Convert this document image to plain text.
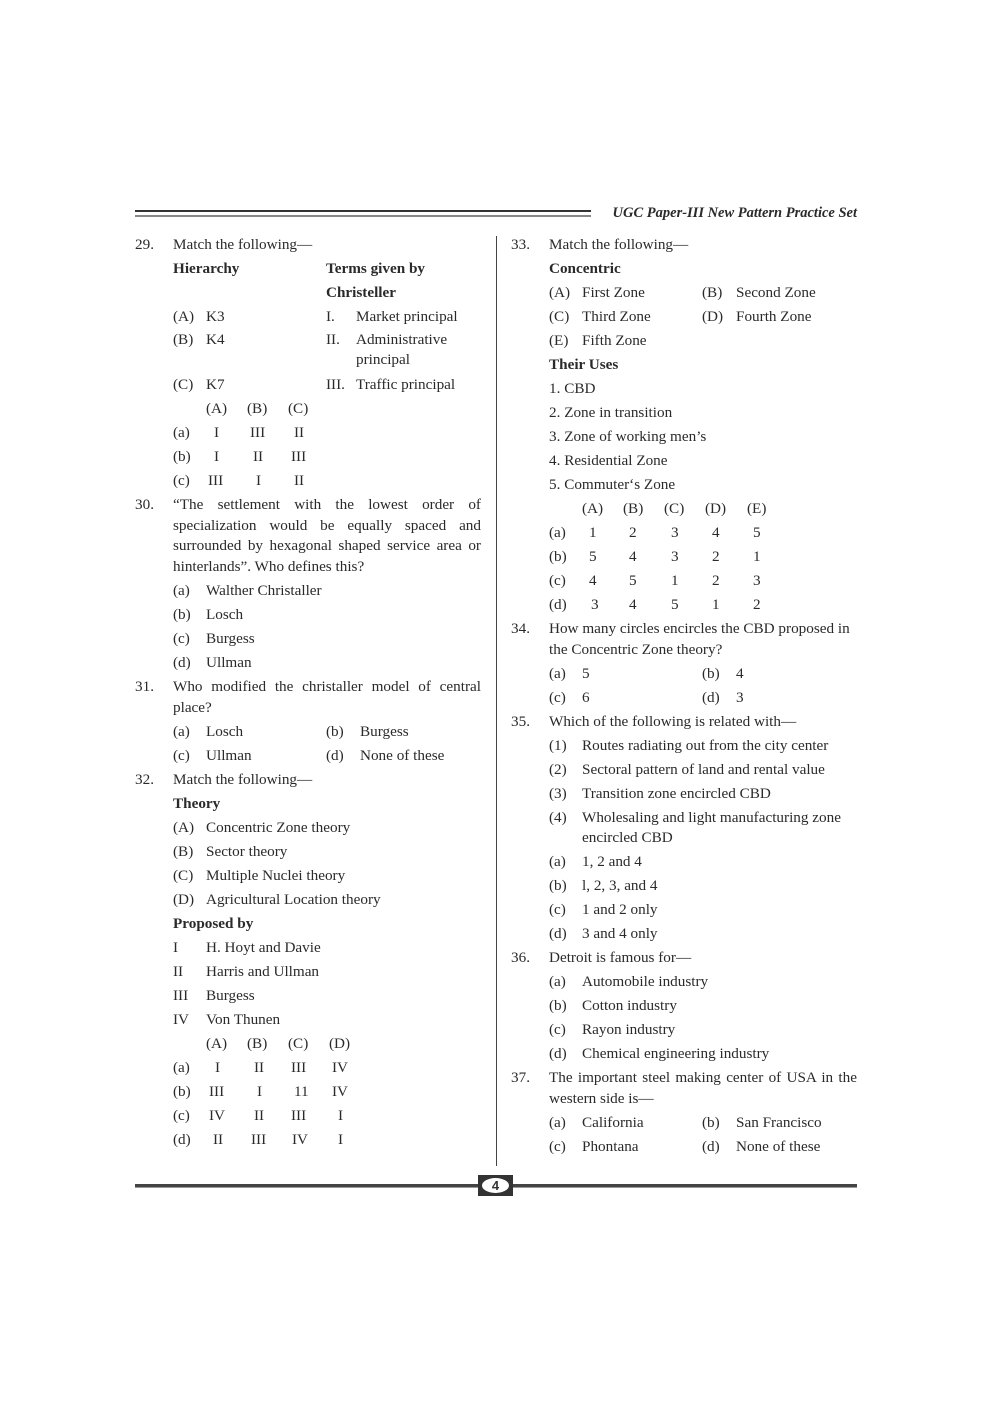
UGC Paper-III New Pattern Practice Set
29. Match the following—
Hierarchy	Terms given by
Christeller
(A) K3	I. Market principal
(B) K4	II. Administrative
principal
(C) K7	III. Traffic principal
(A) (B) (C)
(a) I III II
(b) I II III
(c) III I II
30.	“The settlement with the lowest order of specialization would be equally spaced and surrounded by hexagonal shaped service area or hinterlands”. Who defines this?
(a) Walther Christaller
(b) Losch
(c) Burgess
(d) Ullman
31.	Who modified the christaller model of central place?
(a) Losch	(b) Burgess
(c) Ullman	(d) None of these
32. Match the following—
Theory
(A) Concentric Zone theory
(B) Sector theory
(C) Multiple Nuclei theory
(D) Agricultural Location theory
Proposed by
I H. Hoyt and Davie
II Harris and Ullman
III Burgess
IV Von Thunen
(A) (B) (C) (D)
(a) I II III IV
(b) III I 11 IV
(c) IV II III I
(d) II III IV I
33. Match the following—
Concentric
(A) First Zone	(B) Second Zone
(C) Third Zone	(D) Fourth Zone
(E) Fifth Zone
Their Uses
1. CBD
2. Zone in transition
3. Zone of working men’s
4. Residential Zone
5. Commuter‘s Zone
(A) (B) (C) (D) (E)
(a) 1 2 3 4 5
(b) 5 4 3 2 1
(c) 4 5 1 2 3
(d) 3 4 5 1 2
34.	How many circles encircles the CBD proposed in the Concentric Zone theory?
(a) 5	(b) 4
(c) 6	(d) 3
35. Which of the following is related with—
(1) Routes radiating out from the city center
(2) Sectoral pattern of land and rental value
(3) Transition zone encircled CBD
(4) Wholesaling and light manufacturing zone encircled CBD
(a) 1, 2 and 4
(b) l, 2, 3, and 4
(c) 1 and 2 only
(d) 3 and 4 only
36. Detroit is famous for—
(a) Automobile industry
(b) Cotton industry
(c) Rayon industry
(d) Chemical engineering industry
37.	The important steel making center of USA in the western side is—
(a) California	(b) San Francisco
(c) Phontana	(d) None of these
4
